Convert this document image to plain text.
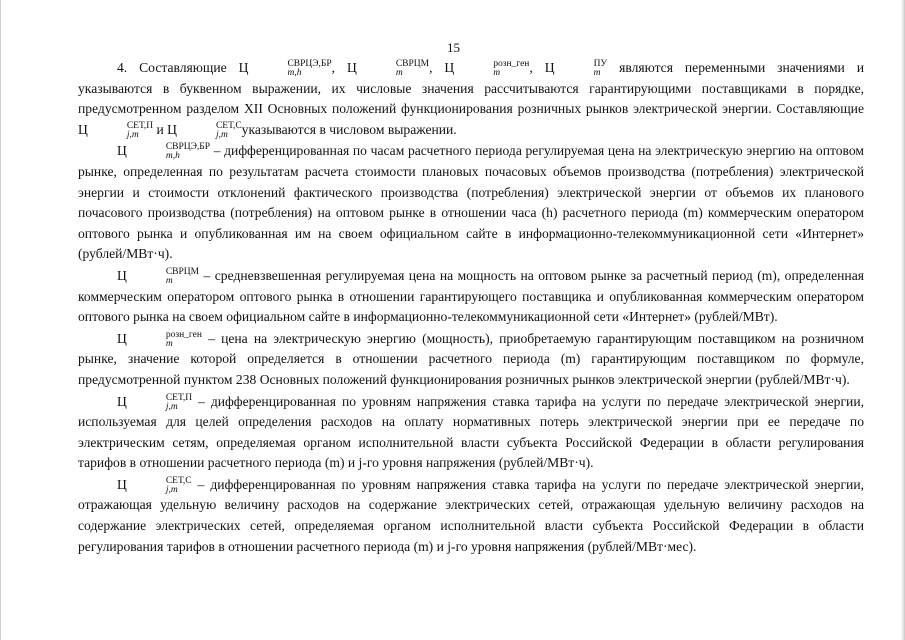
15

4. Составляющие Ц	СВРЦЭ,БР
m,h	, Ц	СВРЦМ
m	, Ц	розн_ген
m	, Ц	ПУ
m являются переменными значениями и указываются в буквенном выражении, их числовые значения рассчитываются гарантирующими поставщиками в порядке, предусмотренном разделом XII Основных положений функционирования розничных рынков электрической энергии. Составляющие Ц	СЕТ,П
j,m	и Ц	СЕТ,С
j,m	указываются в числовом выражении.

Ц	СВРЦЭ,БР
m,h	– дифференцированная по часам расчетного периода регулируемая цена на электрическую энергию на оптовом рынке, определенная по результатам расчета стоимости плановых почасовых объемов производства (потребления) электрической энергии и стоимости отклонений фактического производства (потребления) электрической энергии от объемов их планового почасового производства (потребления) на оптовом рынке в отношении часа (h) расчетного периода (m) коммерческим оператором оптового рынка и опубликованная им на своем официальном сайте в информационно-телекоммуникационной сети «Интернет» (рублей/МВт·ч).

Ц	СВРЦМ
m	– средневзвешенная регулируемая цена на мощность на оптовом рынке за расчетный период (m), определенная коммерческим оператором оптового рынка в отношении гарантирующего поставщика и опубликованная коммерческим оператором оптового рынка на своем официальном сайте в информационно-телекоммуникационной сети «Интернет» (рублей/МВт).

Ц	розн_ген
m	– цена на электрическую энергию (мощность), приобретаемую гарантирующим поставщиком на розничном рынке, значение которой определяется в отношении расчетного периода (m) гарантирующим поставщиком по формуле, предусмотренной пунктом 238 Основных положений функционирования розничных рынков электрической энергии (рублей/МВт·ч).

Ц	СЕТ,П
j,m	– дифференцированная по уровням напряжения ставка тарифа на услуги по передаче электрической энергии, используемая для целей определения расходов на оплату нормативных потерь электрической энергии при ее передаче по электрическим сетям, определяемая органом исполнительной власти субъекта Российской Федерации в области регулирования тарифов в отношении расчетного периода (m) и j-го уровня напряжения (рублей/МВт·ч).

Ц	СЕТ,С
j,m	– дифференцированная по уровням напряжения ставка тарифа на услуги по передаче электрической энергии, отражающая удельную величину расходов на содержание электрических сетей, отражающая удельную величину расходов на содержание электрических сетей, определяемая органом исполнительной власти субъекта Российской Федерации в области регулирования тарифов в отношении расчетного периода (m) и j-го уровня напряжения (рублей/МВт·мес).
